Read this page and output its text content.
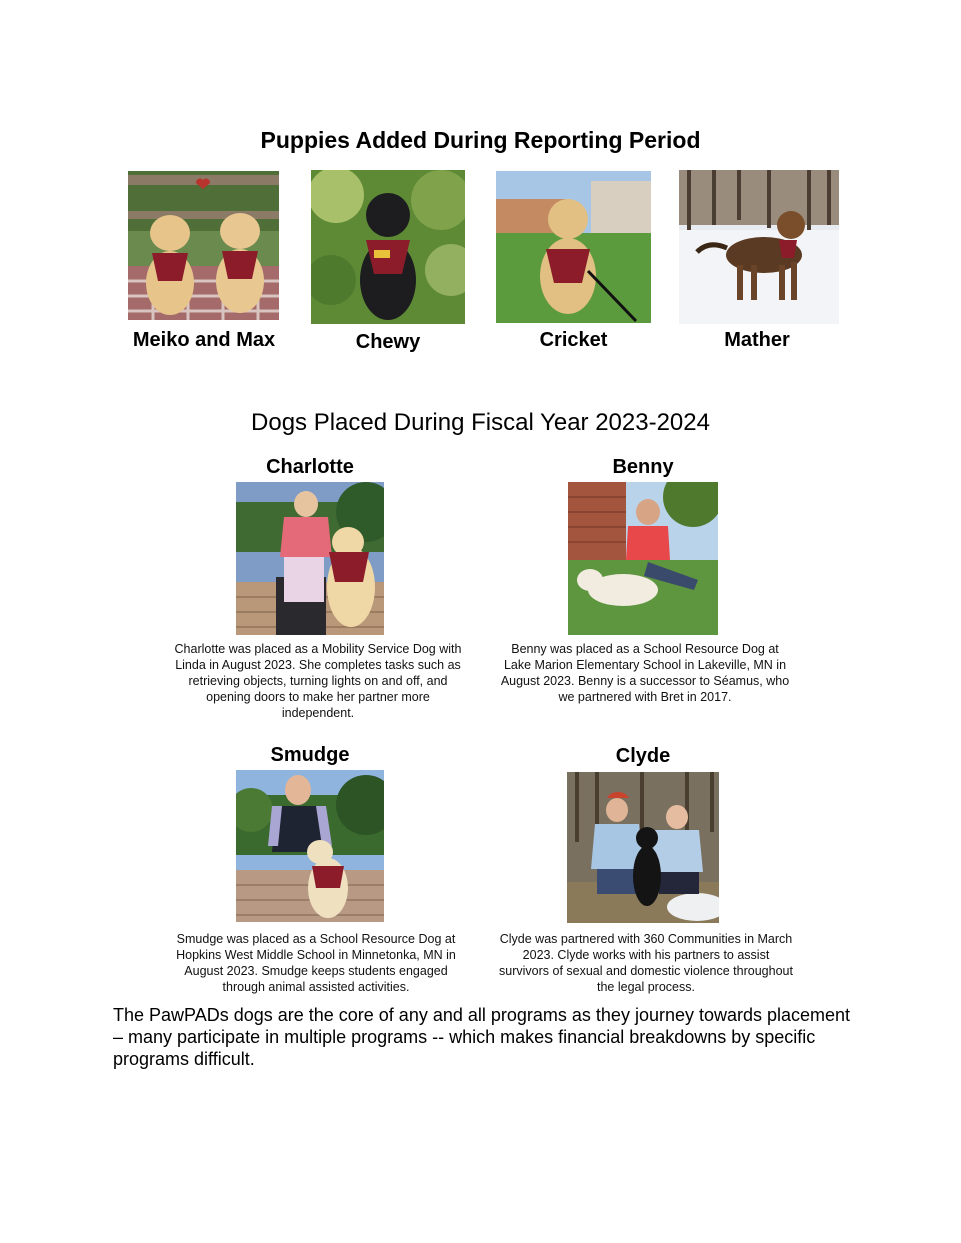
Puppies Added During Reporting Period
Meiko and Max	Chewy	Cricket	Mather
Dogs Placed During Fiscal Year 2023-2024
Charlotte
Charlotte was placed as a Mobility Service Dog with Linda in August 2023. She completes tasks such as retrieving objects, turning lights on and off, and opening doors to make her partner more independent.
Benny
Benny was placed as a School Resource Dog at Lake Marion Elementary School in Lakeville, MN in August 2023. Benny is a successor to Séamus, who we partnered with Bret in 2017.
Smudge
Smudge was placed as a School Resource Dog at Hopkins West Middle School in Minnetonka, MN in August 2023. Smudge keeps students engaged through animal assisted activities.
Clyde
Clyde was partnered with 360 Communities in March 2023. Clyde works with his partners to assist survivors of sexual and domestic violence throughout the legal process.
The PawPADs dogs are the core of any and all programs as they journey towards placement – many participate in multiple programs -- which makes financial breakdowns by specific programs difficult.
